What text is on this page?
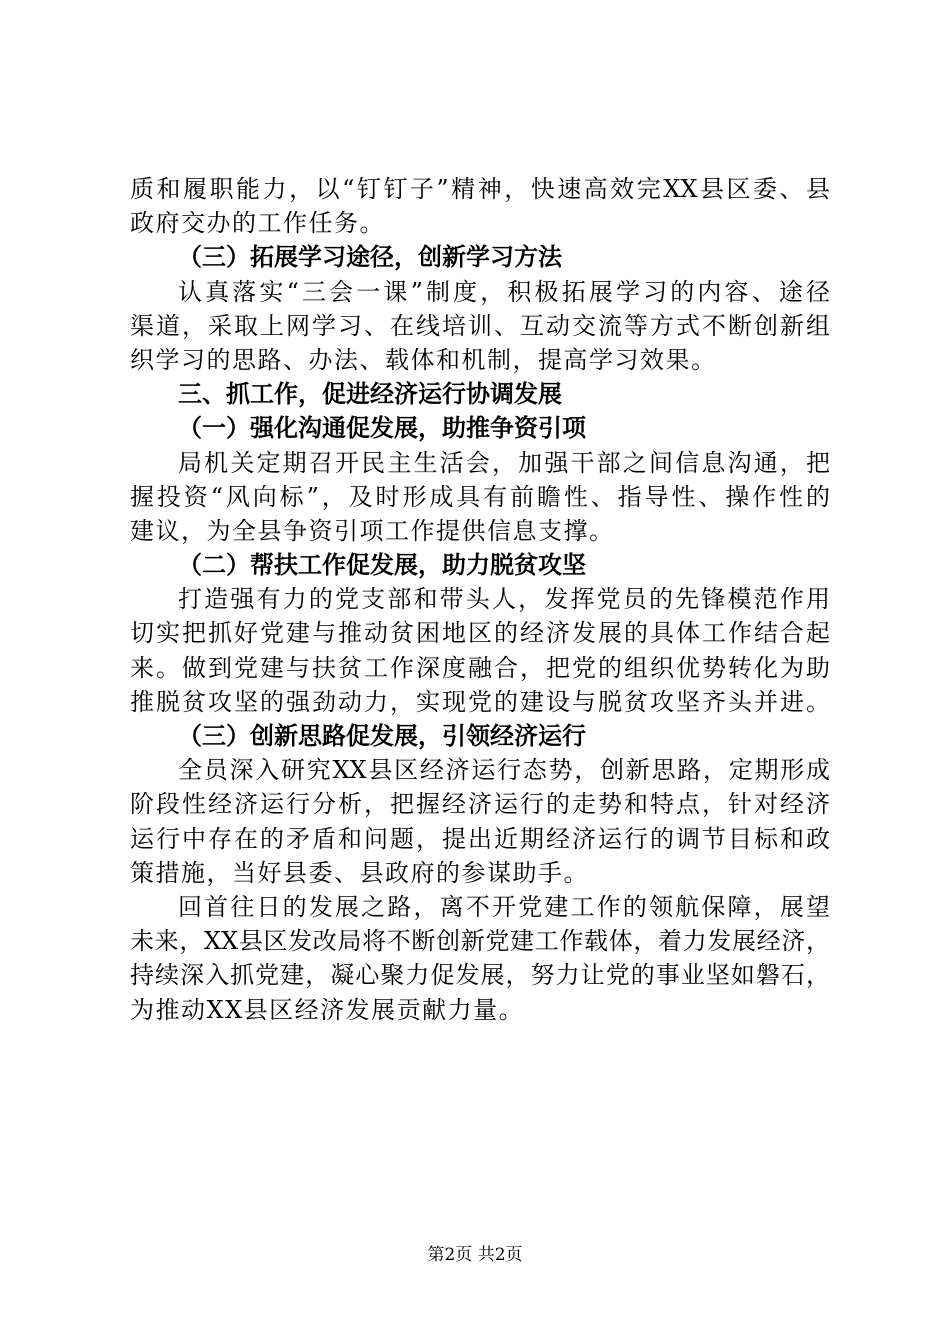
质和履职能力，以“钉钉子”精神，快速高效完XX县区委、县
政府交办的工作任务。
（三）拓展学习途径，创新学习方法
认真落实“三会一课”制度，积极拓展学习的内容、途径
渠道，采取上网学习、在线培训、互动交流等方式不断创新组
织学习的思路、办法、载体和机制，提高学习效果。
三、抓工作，促进经济运行协调发展
（一）强化沟通促发展，助推争资引项
局机关定期召开民主生活会，加强干部之间信息沟通，把
握投资“风向标”，及时形成具有前瞻性、指导性、操作性的
建议，为全县争资引项工作提供信息支撑。
（二）帮扶工作促发展，助力脱贫攻坚
打造强有力的党支部和带头人，发挥党员的先锋模范作用
切实把抓好党建与推动贫困地区的经济发展的具体工作结合起
来。做到党建与扶贫工作深度融合，把党的组织优势转化为助
推脱贫攻坚的强劲动力，实现党的建设与脱贫攻坚齐头并进。
（三）创新思路促发展，引领经济运行
全员深入研究XX县区经济运行态势，创新思路，定期形成
阶段性经济运行分析，把握经济运行的走势和特点，针对经济
运行中存在的矛盾和问题，提出近期经济运行的调节目标和政
策措施，当好县委、县政府的参谋助手。
回首往日的发展之路，离不开党建工作的领航保障，展望
未来，XX县区发改局将不断创新党建工作载体，着力发展经济，
持续深入抓党建，凝心聚力促发展，努力让党的事业坚如磐石，
为推动XX县区经济发展贡献力量。
第2页 共2页
